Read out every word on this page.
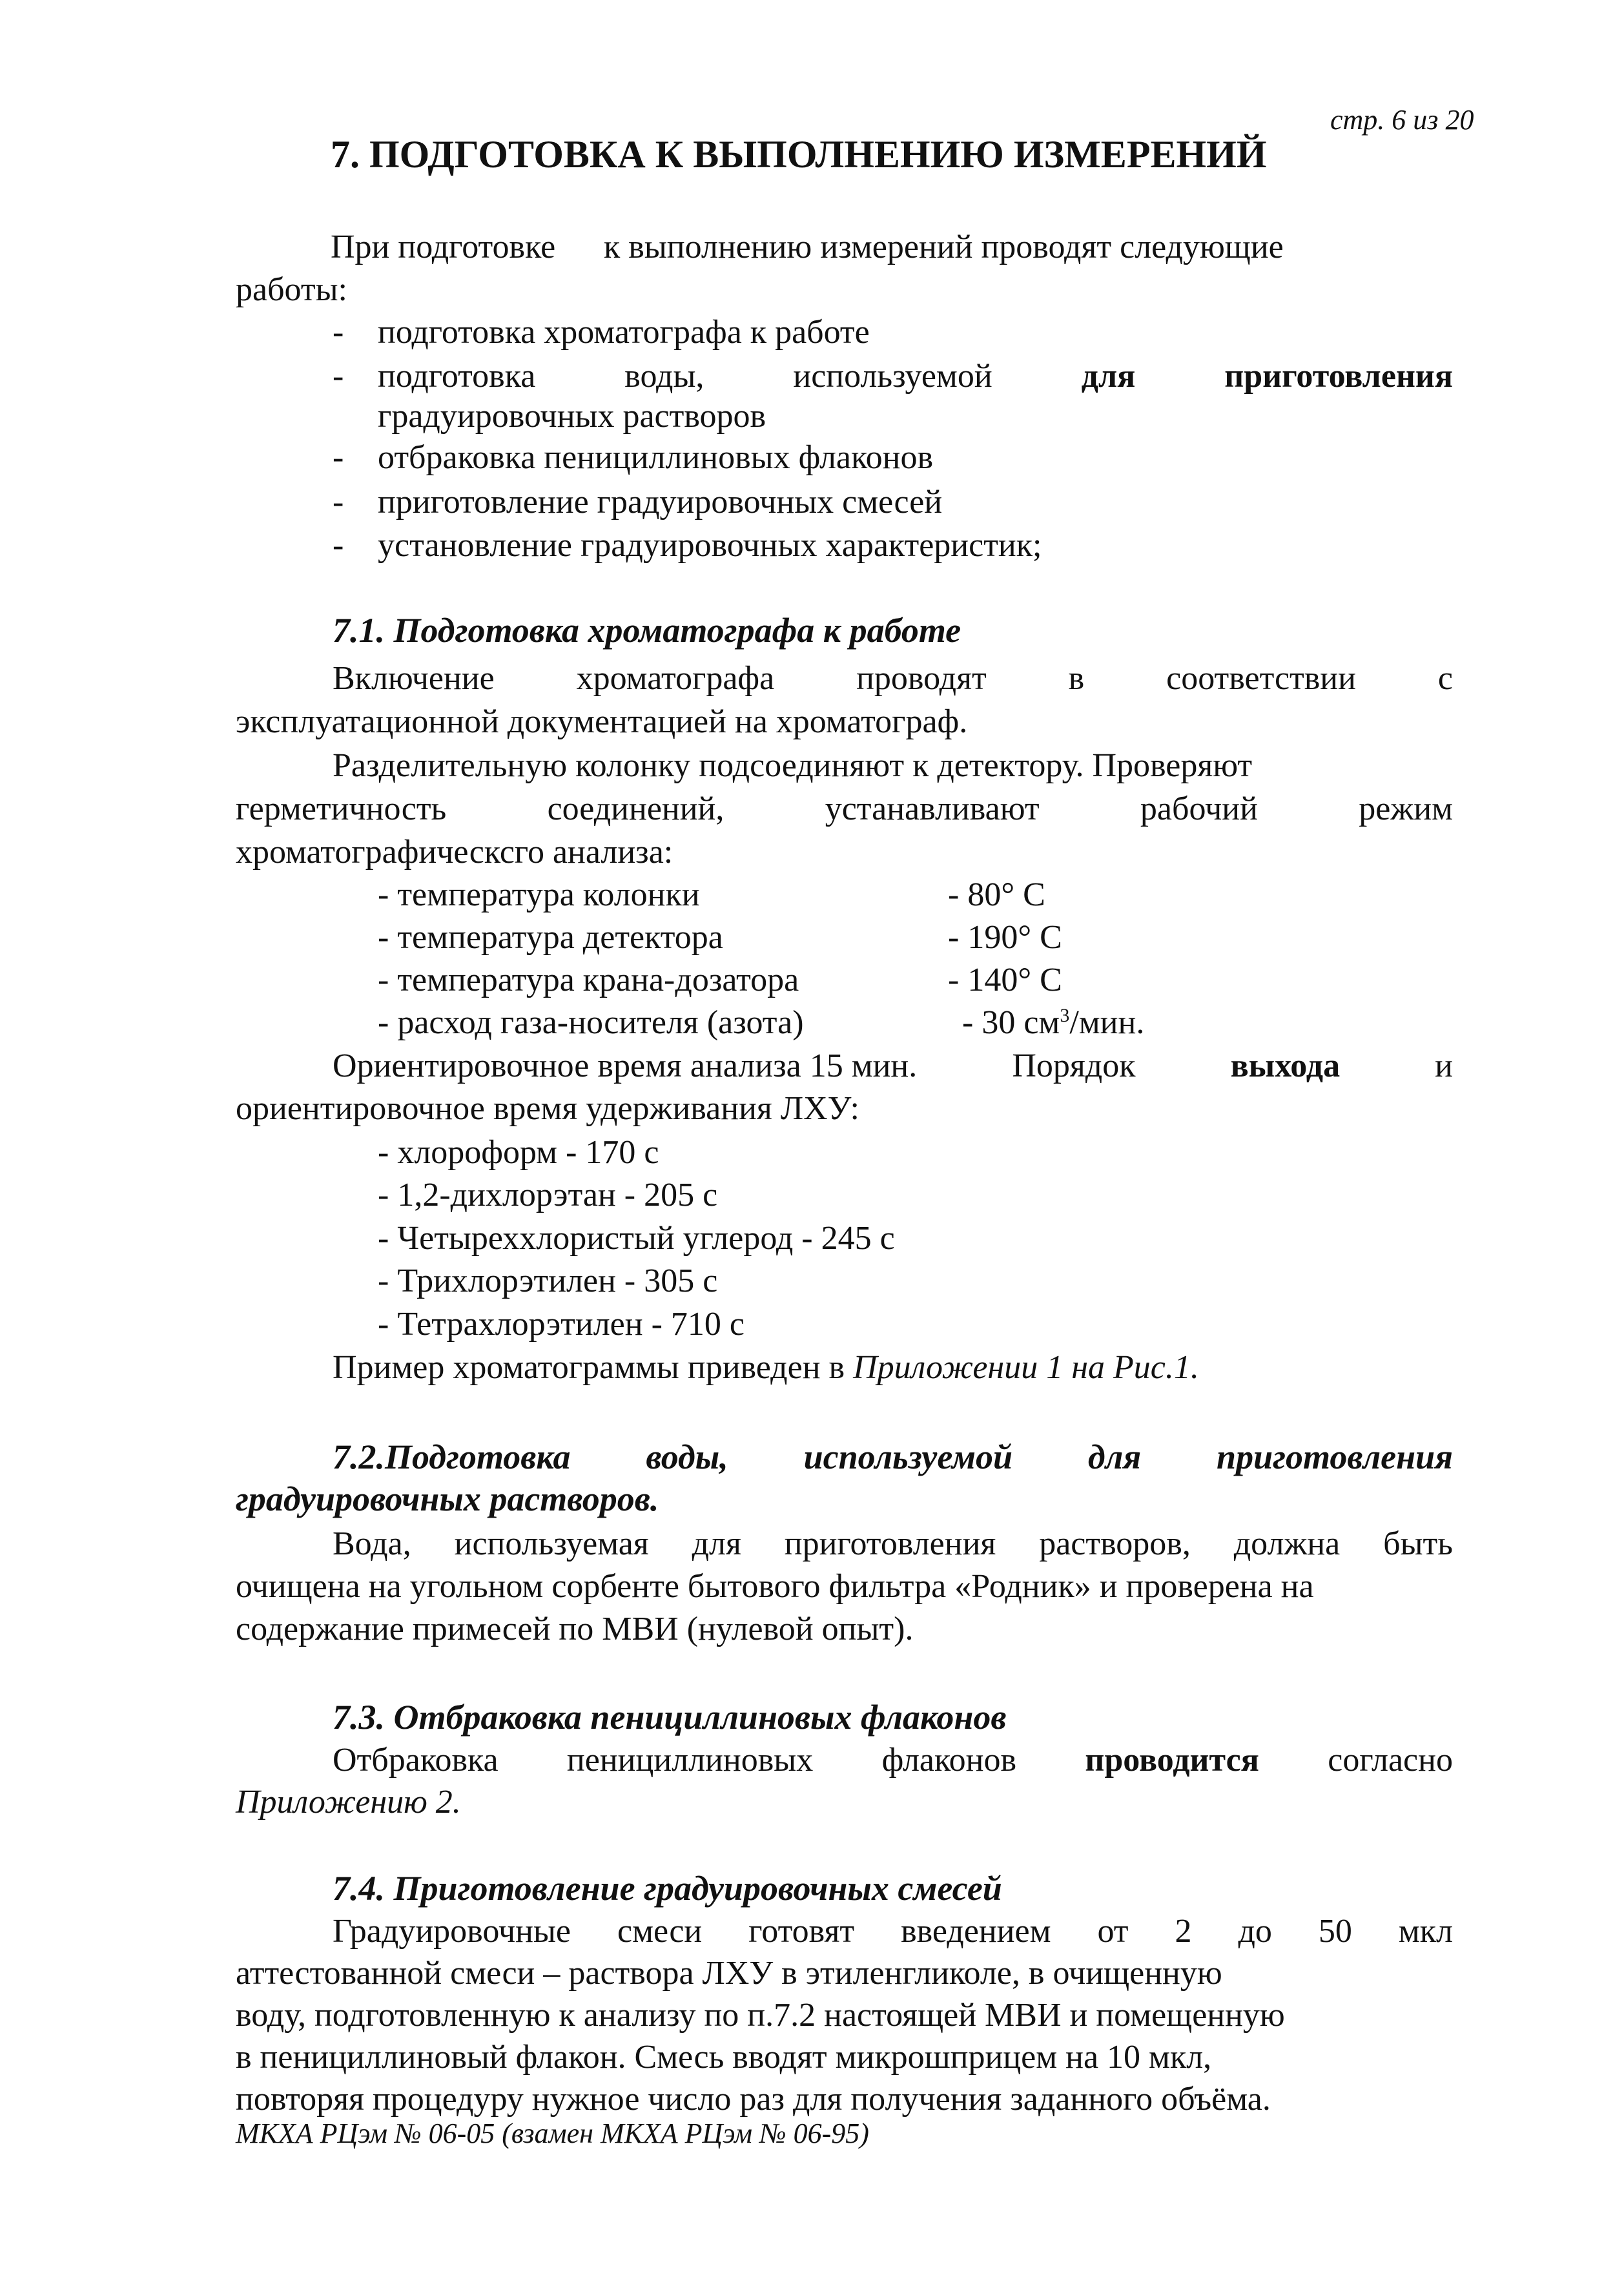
стр. 6 из 20
7. ПОДГОТОВКА К ВЫПОЛНЕНИЮ ИЗМЕРЕНИЙ
При подготовке к выполнению измерений проводят следующие
работы:
- подготовка хроматографа к работе
- подготовка	воды,	используемой	для	приготовления
градуировочных растворов
- отбраковка пенициллиновых флаконов
- приготовление градуировочных смесей
- установление градуировочных характеристик;
7.1. Подготовка хроматографа к работе
Включение хроматографа проводят в соответствии с
эксплуатационной документацией на хроматограф.
Разделительную колонку подсоединяют к детектору. Проверяют
герметичность	соединений,	устанавливают	рабочий	режим
хроматографическсго анализа:
- температура колонки	- 80° С
- температура детектора	- 190° С
- температура крана-дозатора	- 140° С
- расход газа-носителя (азота)	- 30 $см^3$/мин.
Ориентировочное время анализа 15 мин.	Порядок	выхода	и
ориентировочное время удерживания ЛХУ:
- хлороформ - 170 с
- 1,2-дихлорэтан - 205 с
- Четыреххлористый углерод - 245 с
- Трихлорэтилен - 305 с
- Тетрахлорэтилен - 710 с
Пример хроматограммы приведен в Приложении 1 на Рис.1.
7.2.Подготовка воды, используемой для приготовления
градуировочных растворов.
Вода, используемая для приготовления растворов, должна быть
очищена на угольном сорбенте бытового фильтра «Родник» и проверена на
содержание примесей по МВИ (нулевой опыт).
7.3. Отбраковка пенициллиновых флаконов
Отбраковка пенициллиновых флаконов проводится согласно
Приложению 2.
7.4. Приготовление градуировочных смесей
Градуировочные смеси готовят введением от 2 до 50 мкл
аттестованной смеси – раствора ЛХУ в этиленгликоле, в очищенную
воду, подготовленную к анализу по п.7.2 настоящей МВИ и помещенную
в пенициллиновый флакон. Смесь вводят микрошприцем на 10 мкл,
повторяя процедуру нужное число раз для получения заданного объёма.
МКХА РЦэм № 06-05 (взамен МКХА РЦэм № 06-95)
